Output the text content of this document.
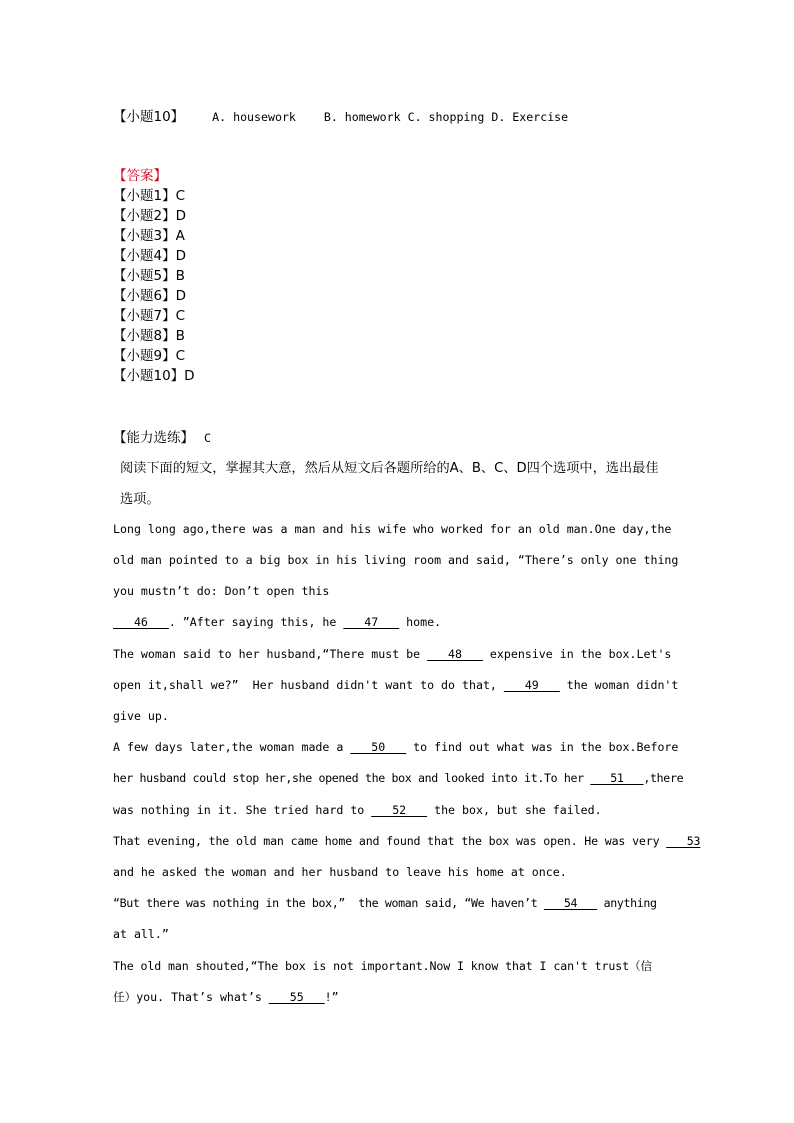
【小题10】 A. housework    B. homework C. shopping D. Exercise
【答案】
【小题1】C
【小题2】D
【小题3】A
【小题4】D
【小题5】B
【小题6】D
【小题7】C
【小题8】B
【小题9】C
【小题10】D
【能力选练】 C
阅读下面的短文，掌握其大意，然后从短文后各题所给的A、B、C、D四个选项中，选出最佳
选项。
Long long ago,there was a man and his wife who worked for an old man.One day,the
old man pointed to a big box in his living room and said, “There’s only one thing
you mustn’t do: Don’t open this
___46___. ”After saying this, he ___47___ home.
The woman said to her husband,“There must be ___48___ expensive in the box.Let's
open it,shall we?”  Her husband didn't want to do that, ___49___ the woman didn't
give up.
A few days later,the woman made a ___50___ to find out what was in the box.Before
her husband could stop her,she opened the box and looked into it.To her ___51___,there
was nothing in it. She tried hard to ___52___ the box, but she failed.
That evening, the old man came home and found that the box was open. He was very ___53
and he asked the woman and her husband to leave his home at once.
“But there was nothing in the box,”  the woman said, “We haven’t ___54___ anything
at all.”
The old man shouted,“The box is not important.Now I know that I can't trust（信
任）you. That’s what’s ___55___!”
